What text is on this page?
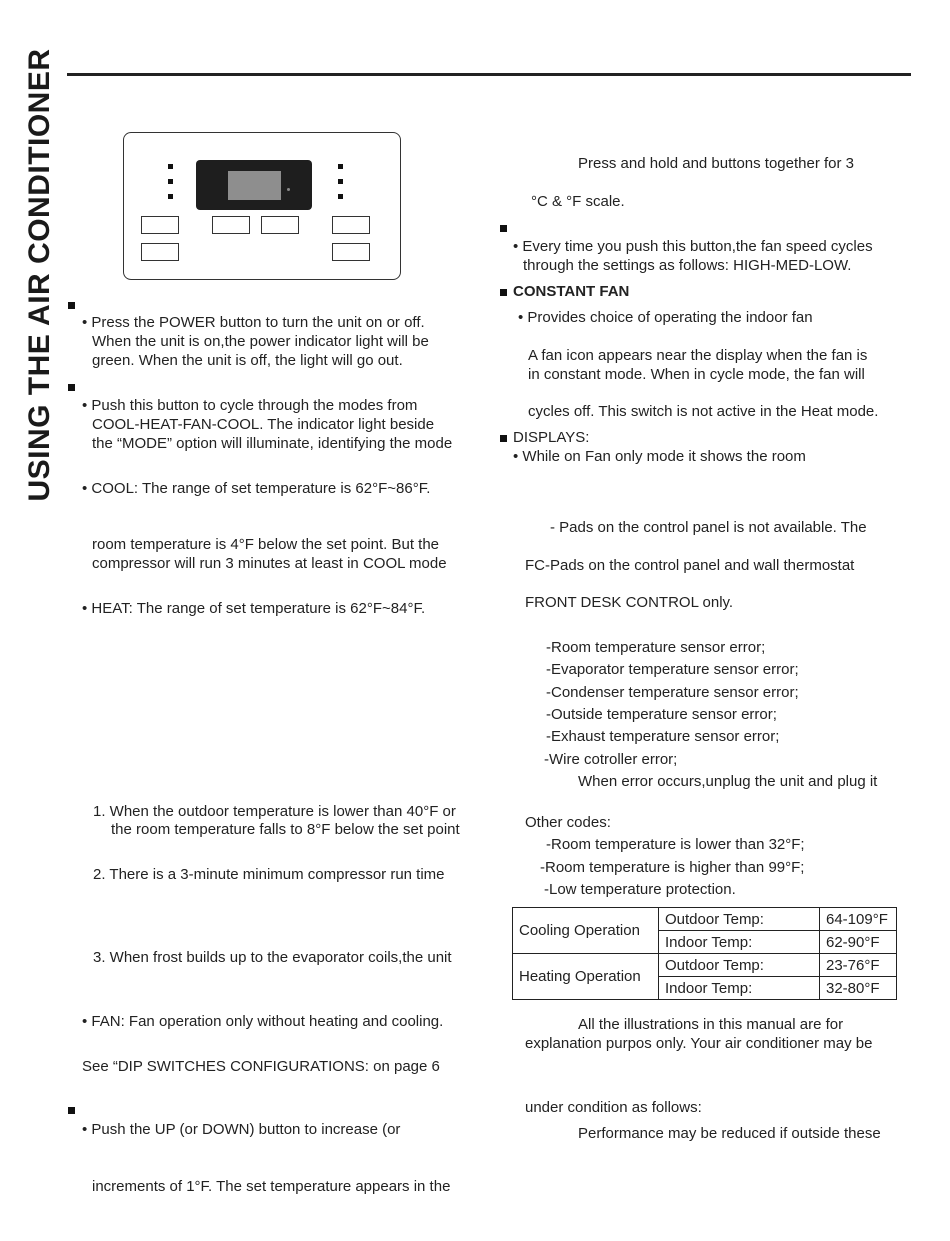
USING THE AIR CONDITIONER • Press the POWER button to turn the unit on or off.
When the unit is on,the power indicator light will be
green. When the unit is off, the light will go out.
• Push this button to cycle through the modes from
COOL-HEAT-FAN-COOL. The indicator light beside
the “MODE” option will illuminate, identifying the mode
• COOL: The range of set temperature is 62°F~86°F.
room temperature is 4°F below the set point. But the
compressor will run 3 minutes at least in COOL mode
• HEAT: The range of set temperature is 62°F~84°F.
1. When the outdoor temperature is lower than 40°F or
the room temperature falls to 8°F below the set point
2. There is a 3-minute minimum compressor run time
3. When frost builds up to the evaporator coils,the unit
• FAN: Fan operation only without heating and cooling.
See “DIP SWITCHES CONFIGURATIONS: on page 6
• Push the UP (or DOWN) button to increase (or
increments of 1°F. The set temperature appears in the
Press and hold and buttons together for 3
°C & °F scale.
• Every time you push this button,the fan speed cycles
through the settings as follows: HIGH-MED-LOW.
CONSTANT FAN
• Provides choice of operating the indoor fan
A fan icon appears near the display when the fan is
in constant mode. When in cycle mode, the fan will
cycles off. This switch is not active in the Heat mode.
DISPLAYS:
• While on Fan only mode it shows the room
- Pads on the control panel is not available. The
FC-Pads on the control panel and wall thermostat
FRONT DESK CONTROL only.
-Room temperature sensor error;
-Evaporator temperature sensor error;
-Condenser temperature sensor error;
-Outside temperature sensor error;
-Exhaust temperature sensor error;
-Wire cotroller error;
When error occurs,unplug the unit and plug it
Other codes:
-Room temperature is lower than 32°F;
-Room temperature is higher than 99°F;
-Low temperature protection.
Cooling Operation	Outdoor Temp:	64-109°F
	Indoor Temp:	62-90°F
Heating Operation	Outdoor Temp:	23-76°F
	Indoor Temp:	32-80°F
All the illustrations in this manual are for
explanation purpos only. Your air conditioner may be
under condition as follows:
Performance may be reduced if outside these
